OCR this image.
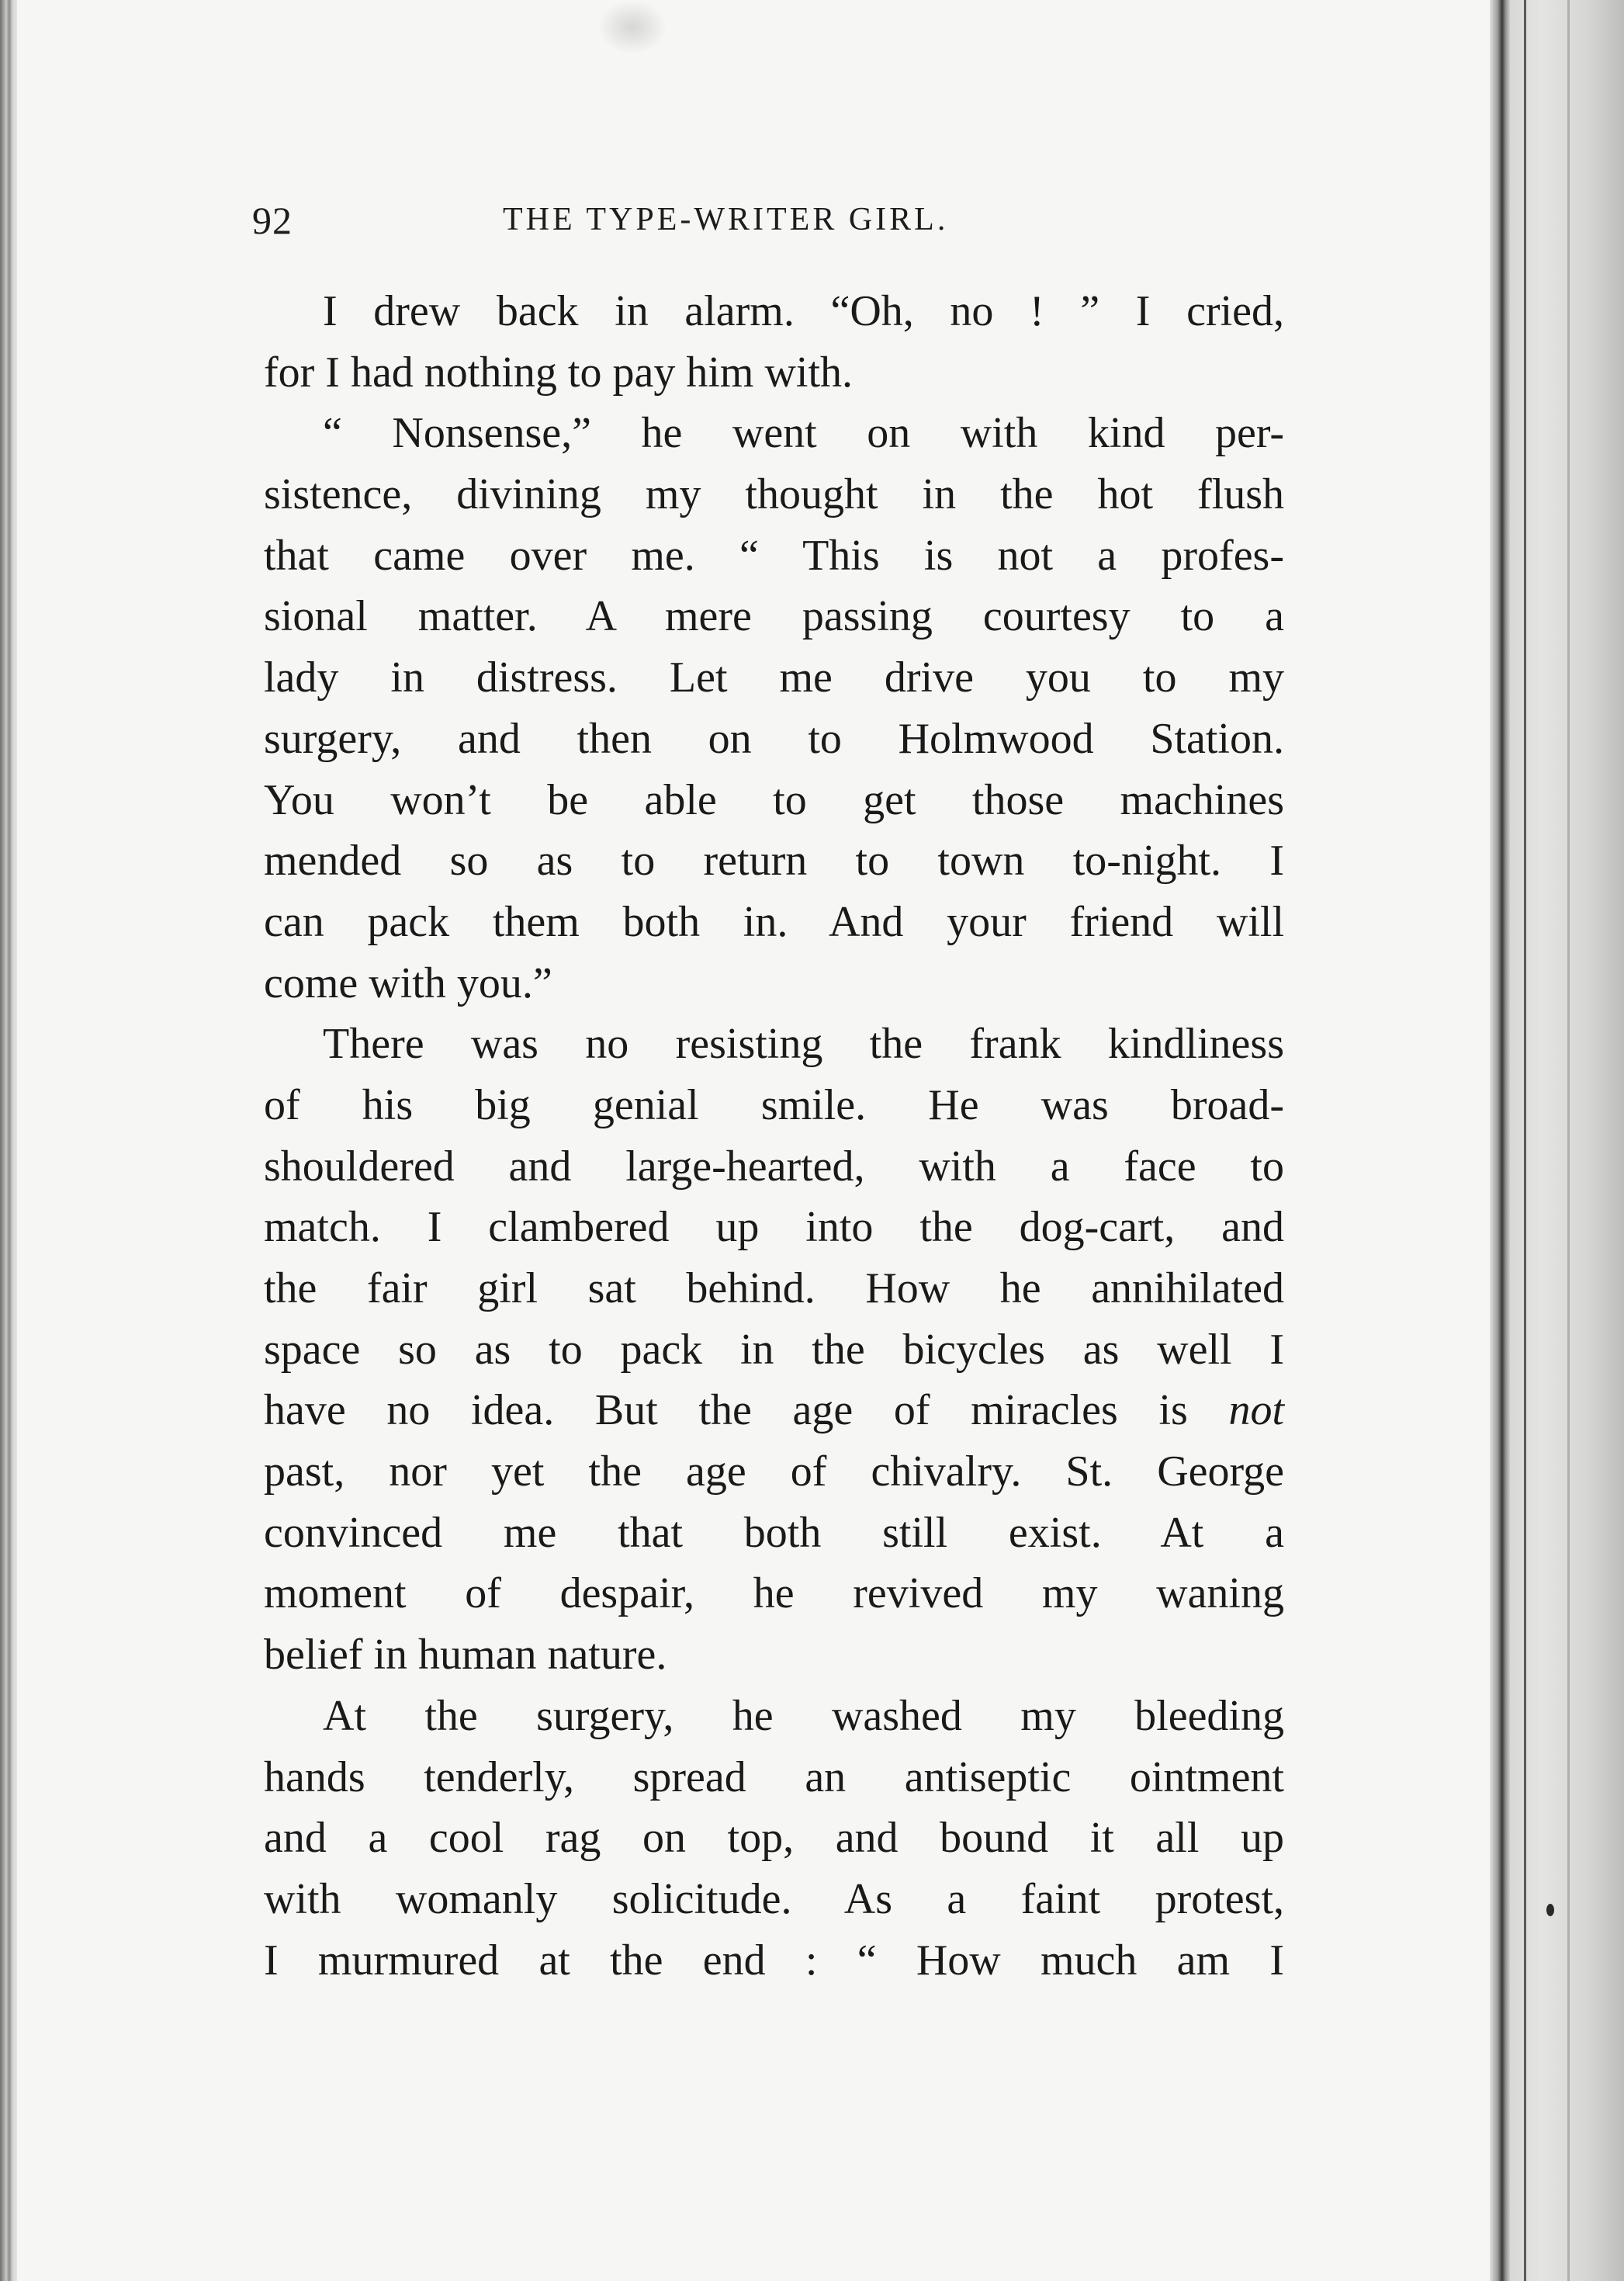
92	THE TYPE-WRITER GIRL.
I drew back in alarm. “Oh, no ! ” I cried,
for I had nothing to pay him with.
“ Nonsense,” he went on with kind per-
sistence, divining my thought in the hot flush
that came over me. “ This is not a profes-
sional matter. A mere passing courtesy to a
lady in distress. Let me drive you to my
surgery, and then on to Holmwood Station.
You won’t be able to get those machines
mended so as to return to town to-night. I
can pack them both in. And your friend will
come with you.”
There was no resisting the frank kindliness
of his big genial smile. He was broad-
shouldered and large-hearted, with a face to
match. I clambered up into the dog-cart, and
the fair girl sat behind. How he annihilated
space so as to pack in the bicycles as well I
have no idea. But the age of miracles is not
past, nor yet the age of chivalry. St. George
convinced me that both still exist. At a
moment of despair, he revived my waning
belief in human nature.
At the surgery, he washed my bleeding
hands tenderly, spread an antiseptic ointment
and a cool rag on top, and bound it all up
with womanly solicitude. As a faint protest,
I murmured at the end : “ How much am I
